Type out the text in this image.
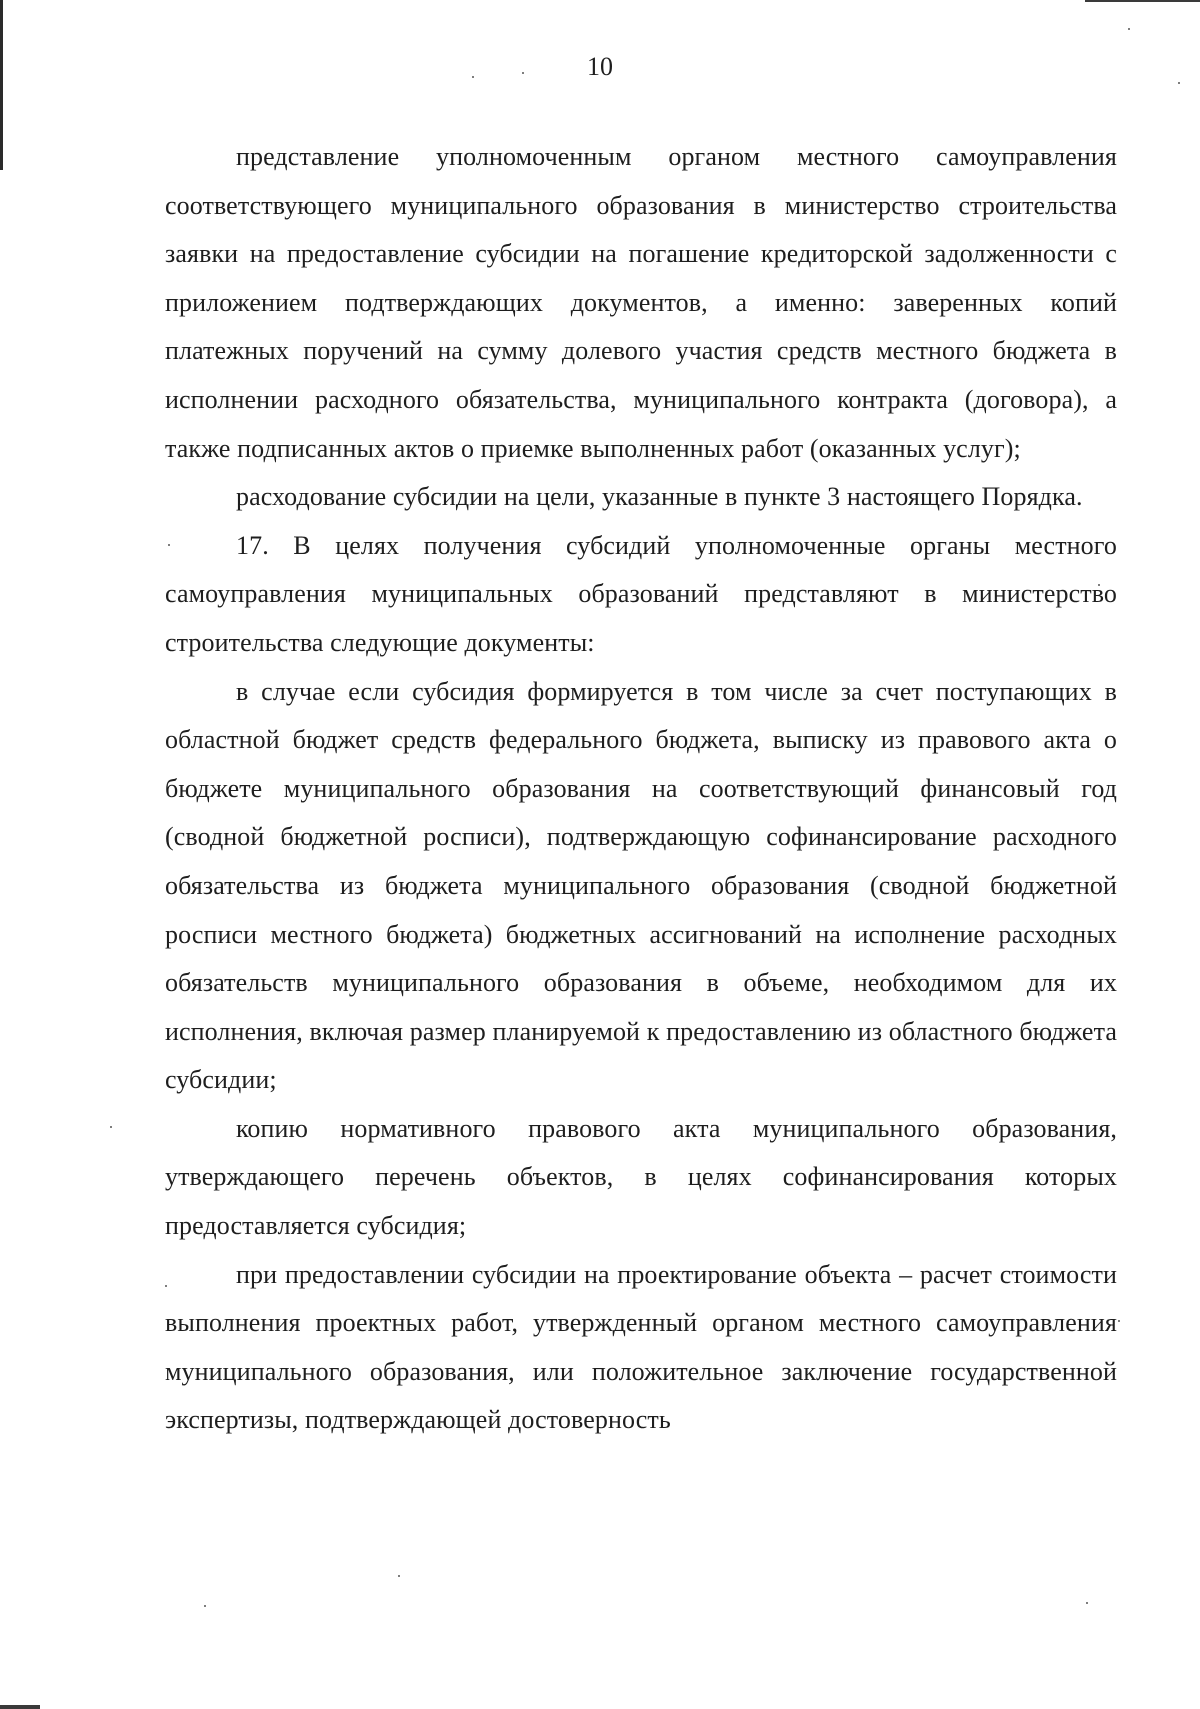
10

представление уполномоченным органом местного самоуправления соответствующего муниципального образования в министерство строительства заявки на предоставление субсидии на погашение кредиторской задолженности с приложением подтверждающих документов, а именно: заверенных копий платежных поручений на сумму долевого участия средств местного бюджета в исполнении расходного обязательства, муниципального контракта (договора), а также подписанных актов о приемке выполненных работ (оказанных услуг);

расходование субсидии на цели, указанные в пункте 3 настоящего Порядка.

17. В целях получения субсидий уполномоченные органы местного самоуправления муниципальных образований представляют в министерство строительства следующие документы:

в случае если субсидия формируется в том числе за счет поступающих в областной бюджет средств федерального бюджета, выписку из правового акта о бюджете муниципального образования на соответствующий финансовый год (сводной бюджетной росписи), подтверждающую софинансирование расходного обязательства из бюджета муниципального образования (сводной бюджетной росписи местного бюджета) бюджетных ассигнований на исполнение расходных обязательств муниципального образования в объеме, необходимом для их исполнения, включая размер планируемой к предоставлению из областного бюджета субсидии;

копию нормативного правового акта муниципального образования, утверждающего перечень объектов, в целях софинансирования которых предоставляется субсидия;

при предоставлении субсидии на проектирование объекта – расчет стоимости выполнения проектных работ, утвержденный органом местного самоуправления муниципального образования, или положительное заключение государственной экспертизы, подтверждающей достоверность
